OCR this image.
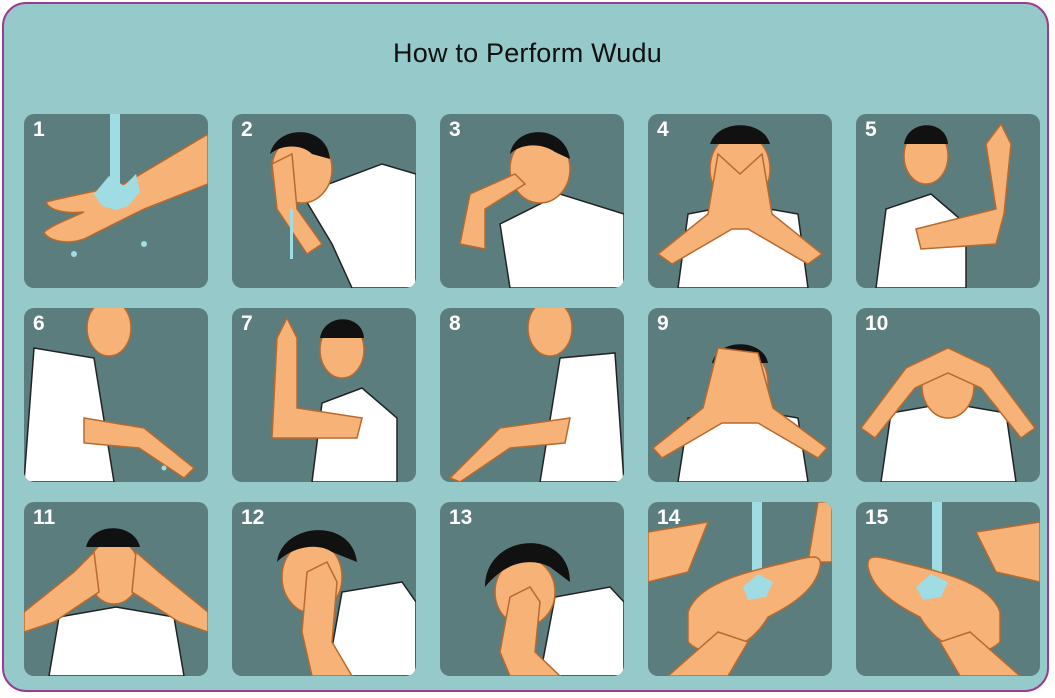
How to Perform Wudu
1	2	3	4	5
6	7	8	9	10
11	12	13	14	15
